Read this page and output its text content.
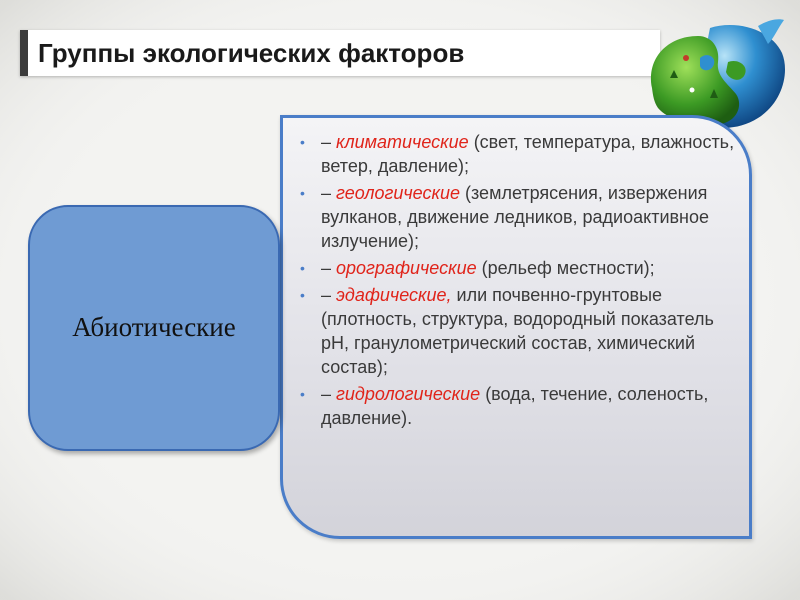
Группы экологических факторов
Абиотические
• – климатические (свет, температура, влажность, ветер, давление);
• – геологические (землетрясения, извержения вулканов, движение ледников, радиоактивное излучение);
• – орографические (рельеф местности);
• – эдафические, или почвенно-грунтовые (плотность, структура, водородный показатель рН, гранулометрический состав, химический состав);
• – гидрологические (вода, течение, соленость, давление).
